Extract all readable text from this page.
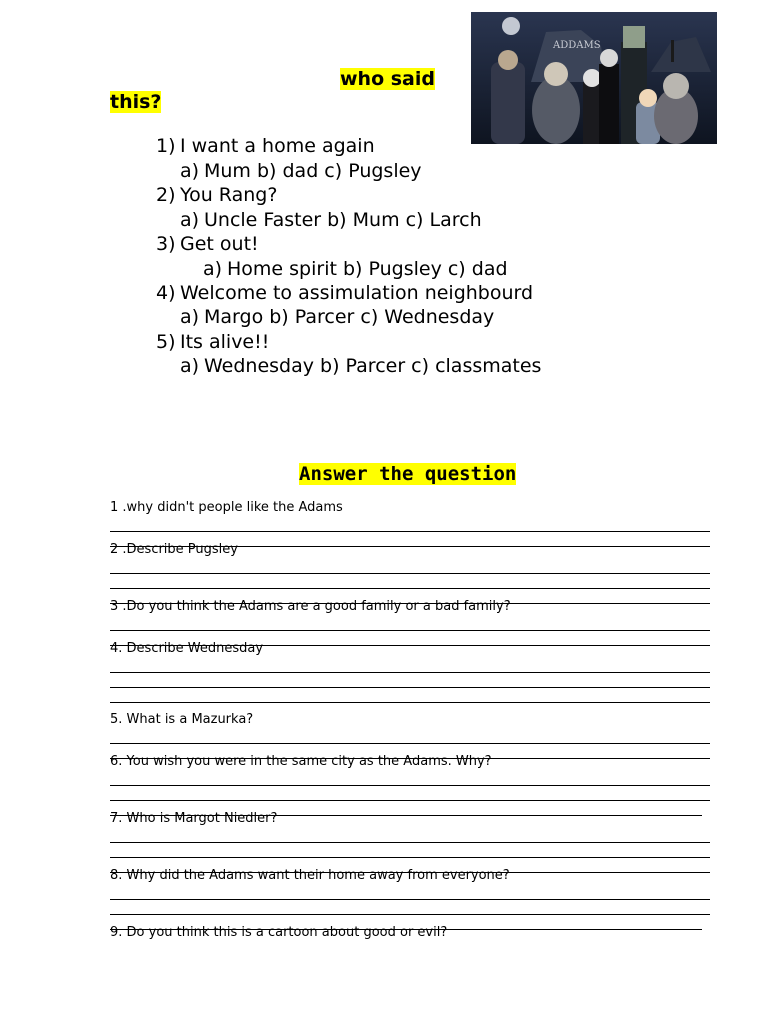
who said
this?
ADDAMS
1) I want a home again
a) Mum b) dad c) Pugsley
2) You Rang?
a) Uncle Faster b) Mum c) Larch
3) Get out!
a) Home spirit b) Pugsley c) dad
4) Welcome to assimulation neighbourd
a) Margo b) Parcer c) Wednesday
5) Its alive!!
a) Wednesday b) Parcer c) classmates
Answer the question
1 .why didn't people like the Adams
2 .Describe Pugsley
3 .Do you think the Adams are a good family or a bad family?
4. Describe Wednesday
5. What is a Mazurka?
6. You wish you were in the same city as the Adams. Why?
7. Who is Margot Niedler?
8. Why did the Adams want their home away from everyone?
9. Do you think this is a cartoon about good or evil?
